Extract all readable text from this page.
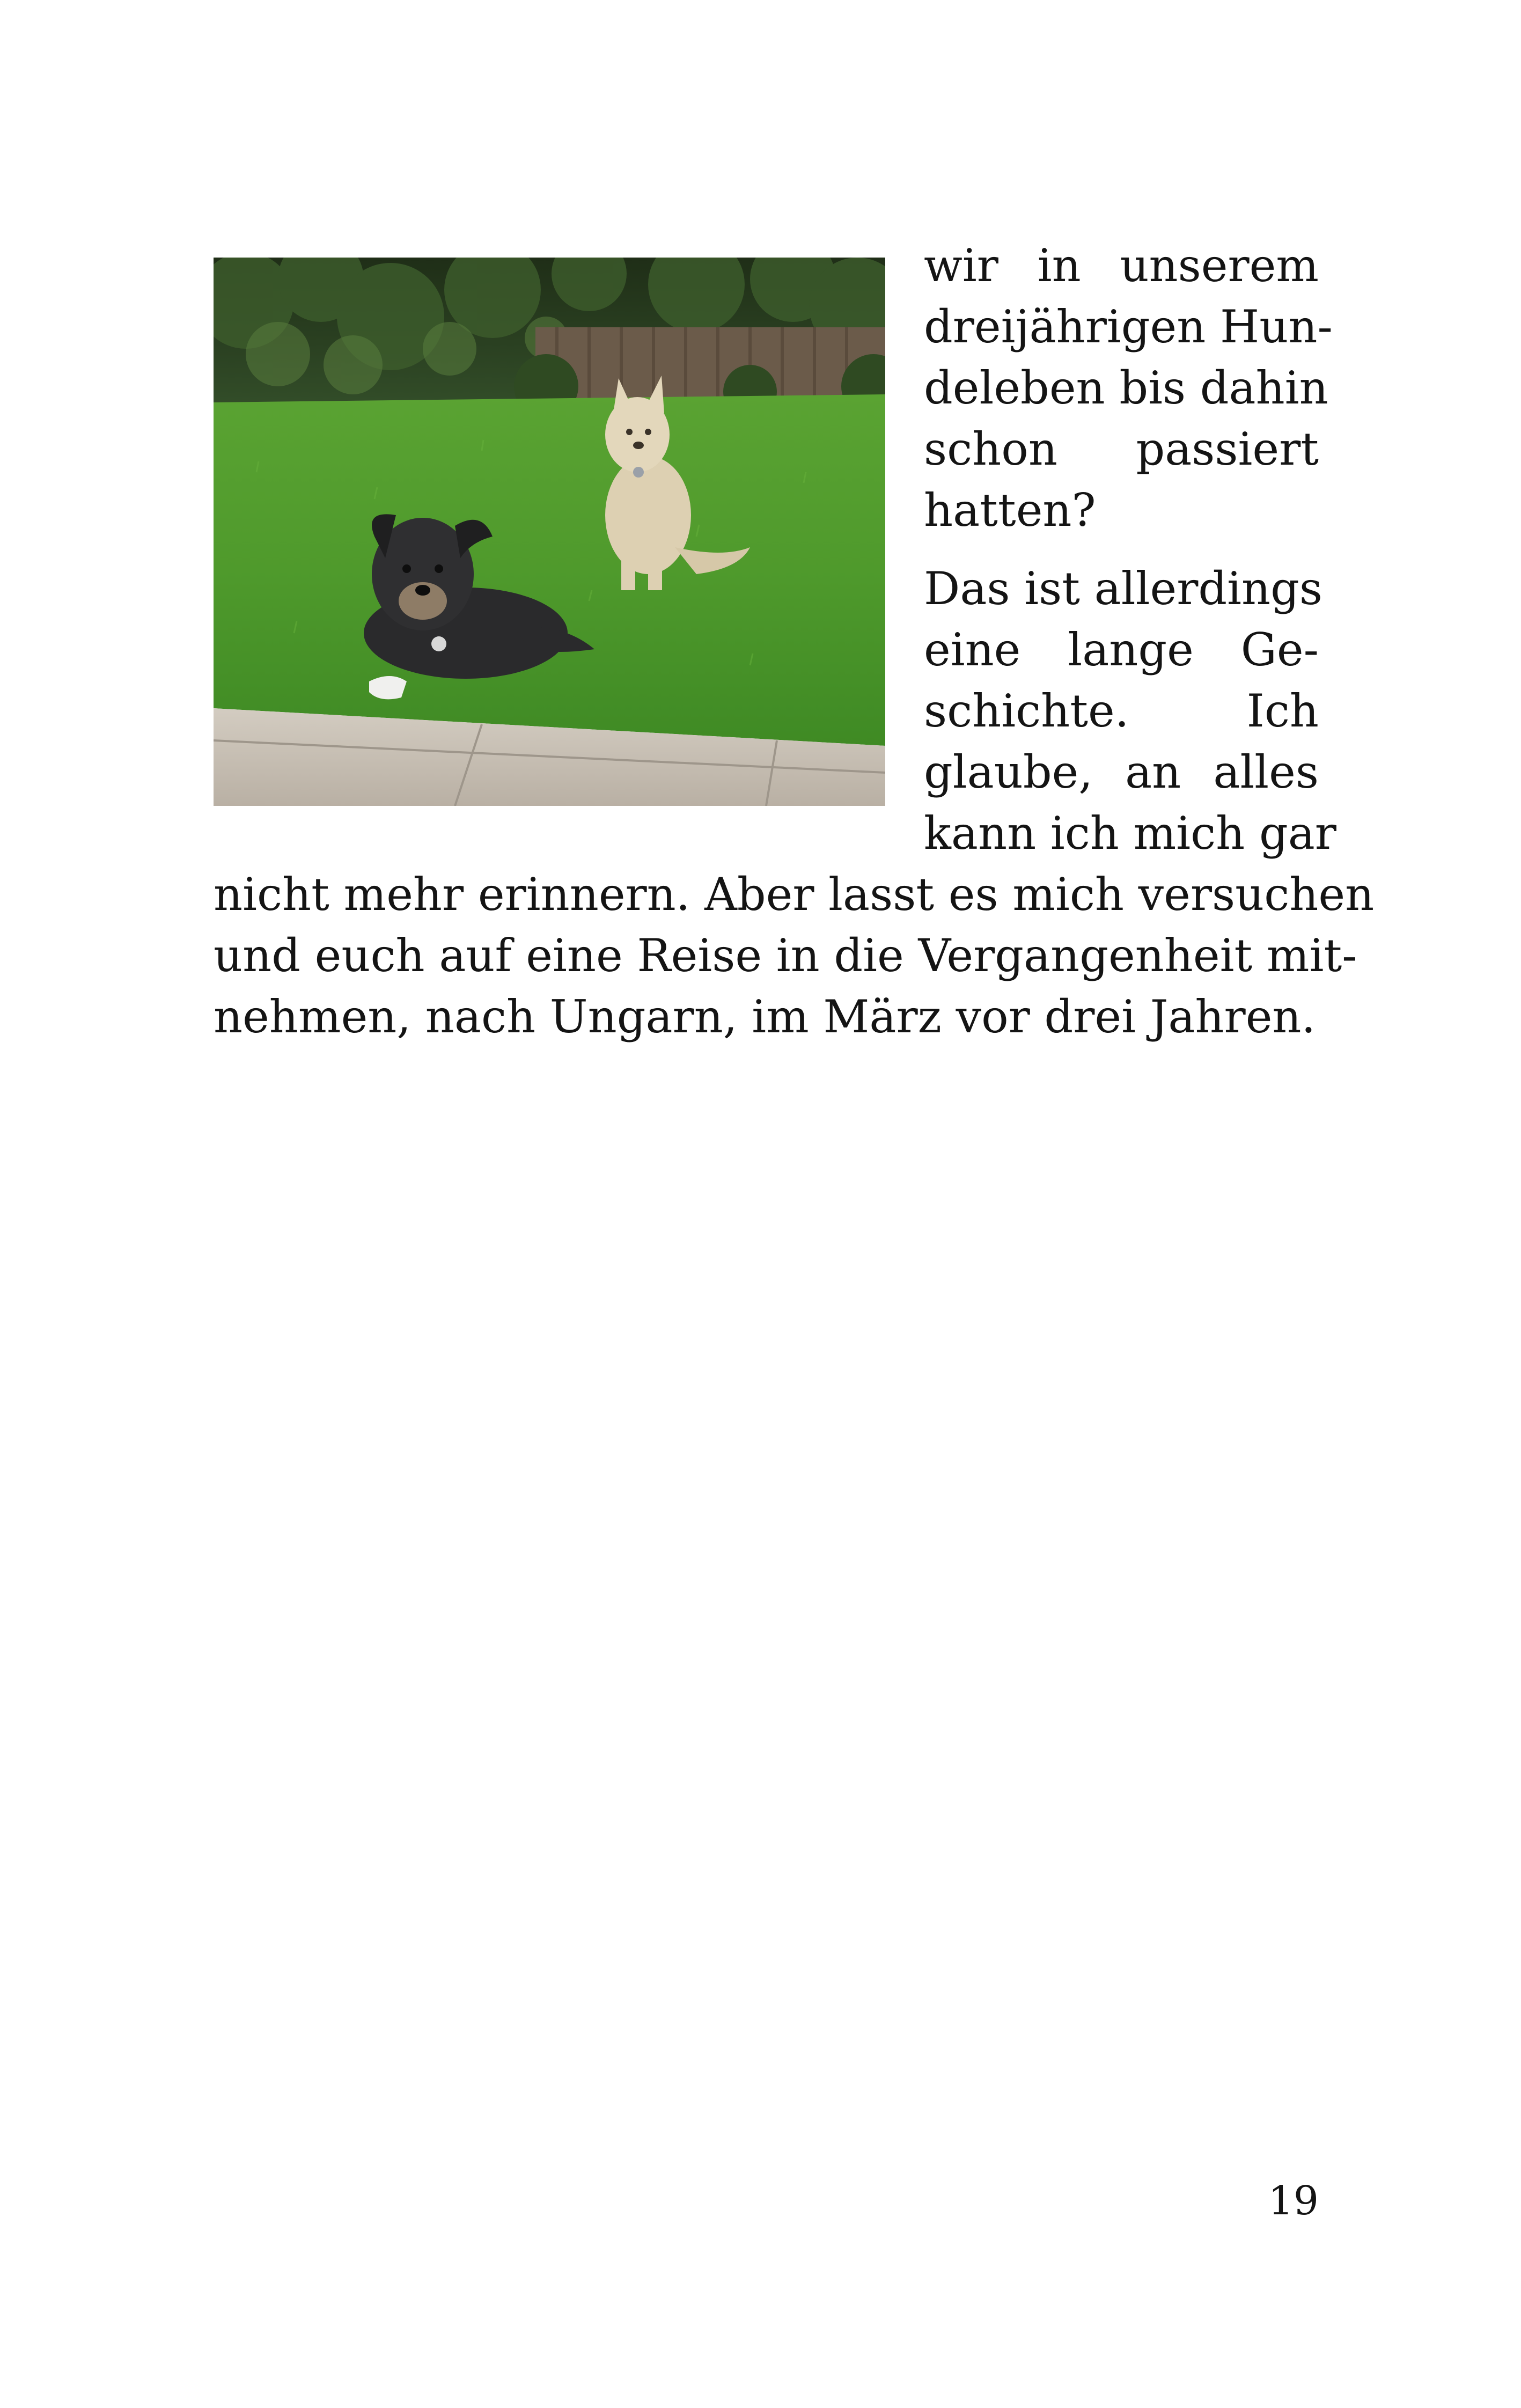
wir in unserem

dreijährigen Hun-

deleben bis dahin

schon passiert

hatten?

Das ist allerdings

eine lange Ge-

schichte. Ich

glaube, an alles

kann ich mich gar

nicht mehr erinnern. Aber lasst es mich versuchen

und euch auf eine Reise in die Vergangenheit mit-

nehmen, nach Ungarn, im März vor drei Jahren.

19
